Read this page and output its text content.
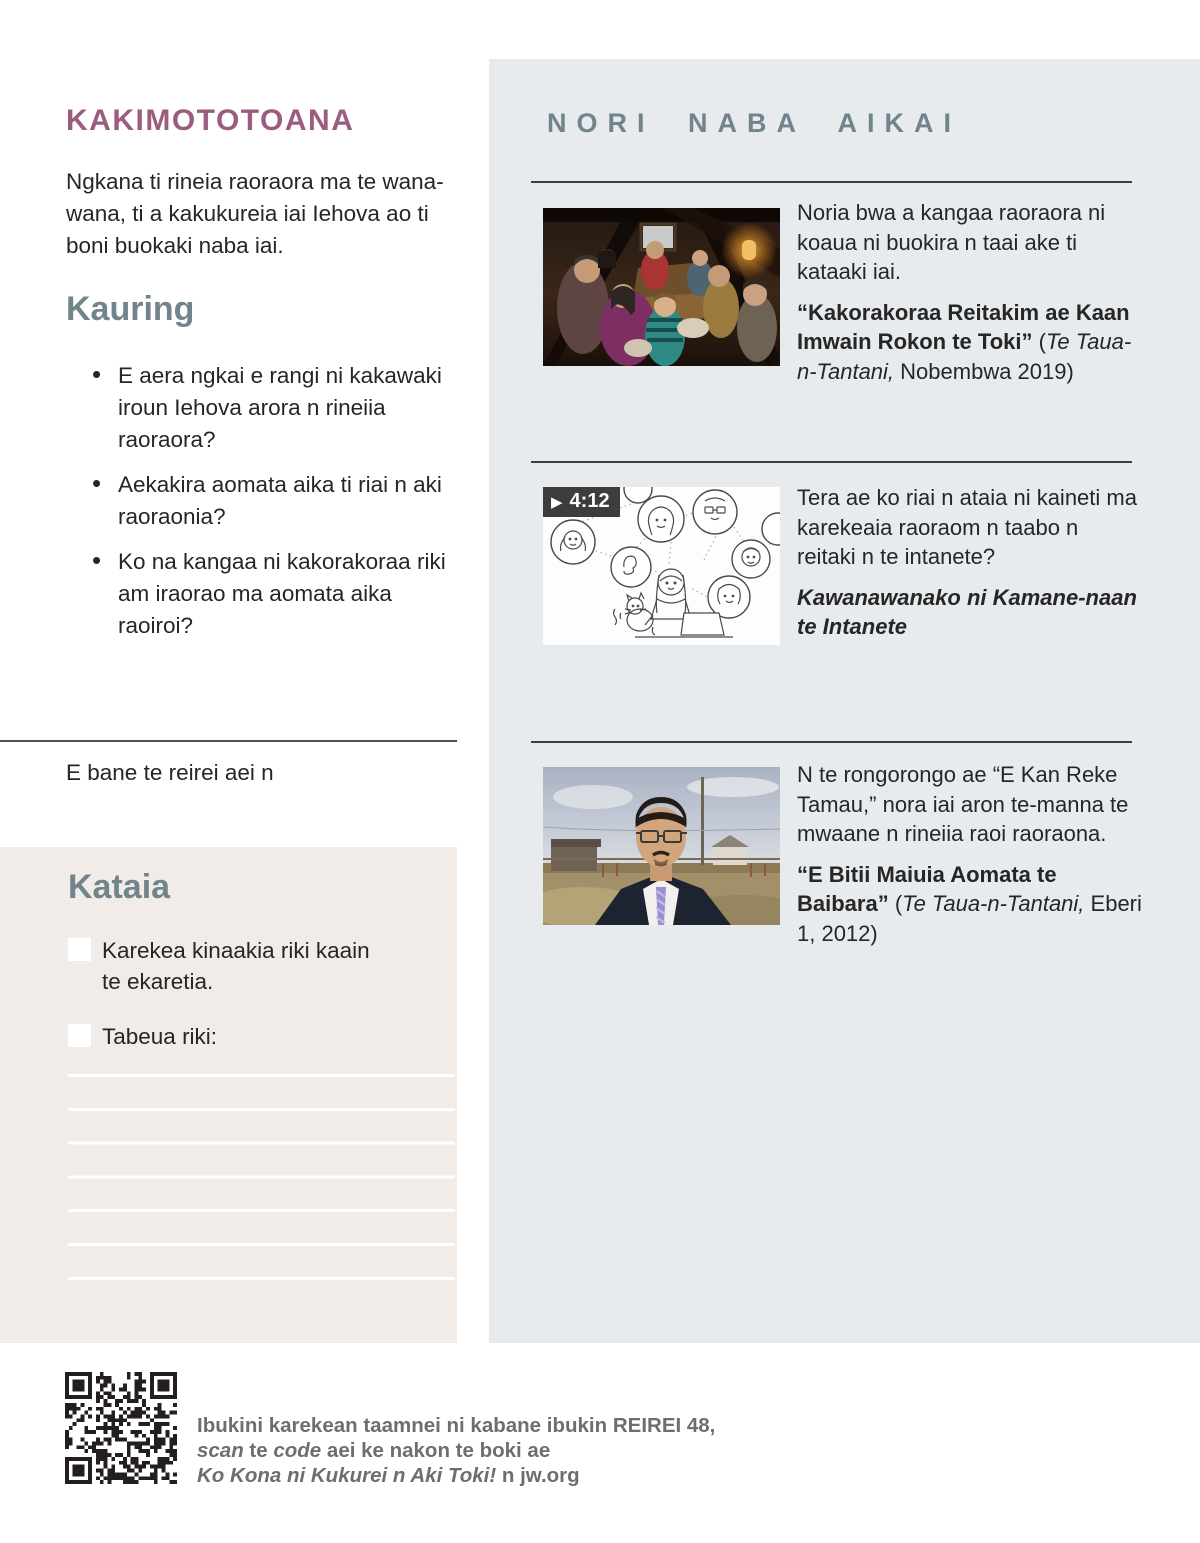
KAKIMOTOTOANA
Ngkana ti rineia raoraora ma te wana-wana, ti a kakukureia iai Iehova ao ti boni buokaki naba iai.
Kauring
• E aera ngkai e rangi ni kakawaki iroun Iehova arora n rineiia raoraora?
• Aekakira aomata aika ti riai n aki raoraonia?
• Ko na kangaa ni kakorakoraa riki am iraorao ma aomata aika raoiroi?
E bane te reirei aei n
Kataia
Karekea kinaakia riki kaain te ekaretia.
Tabeua riki:
NORI NABA AIKAI

Noria bwa a kangaa raoraora ni koaua ni buokira n taai ake ti kataaki iai.

“Kakorakoraa Reitakim ae Kaan Imwain Rokon te Toki” (Te Taua-n-Tantani, Nobembwa 2019)

▶ 4:12	Tera ae ko riai n ataia ni kaineti ma karekeaia raoraom n taabo n reitaki n te intanete?

Kawanawanako ni Kamane-naan te Intanete

N te rongorongo ae “E Kan Reke Tamau,” nora iai aron te-manna te mwaane n rineiia raoi raoraona.

“E Bitii Maiuia Aomata te Baibara” (Te Taua-n-Tantani, Eberi 1, 2012)

Ibukini karekean taamnei ni kabane ibukin REIREI 48,
scan te code aei ke nakon te boki ae
Ko Kona ni Kukurei n Aki Toki! n jw.org
